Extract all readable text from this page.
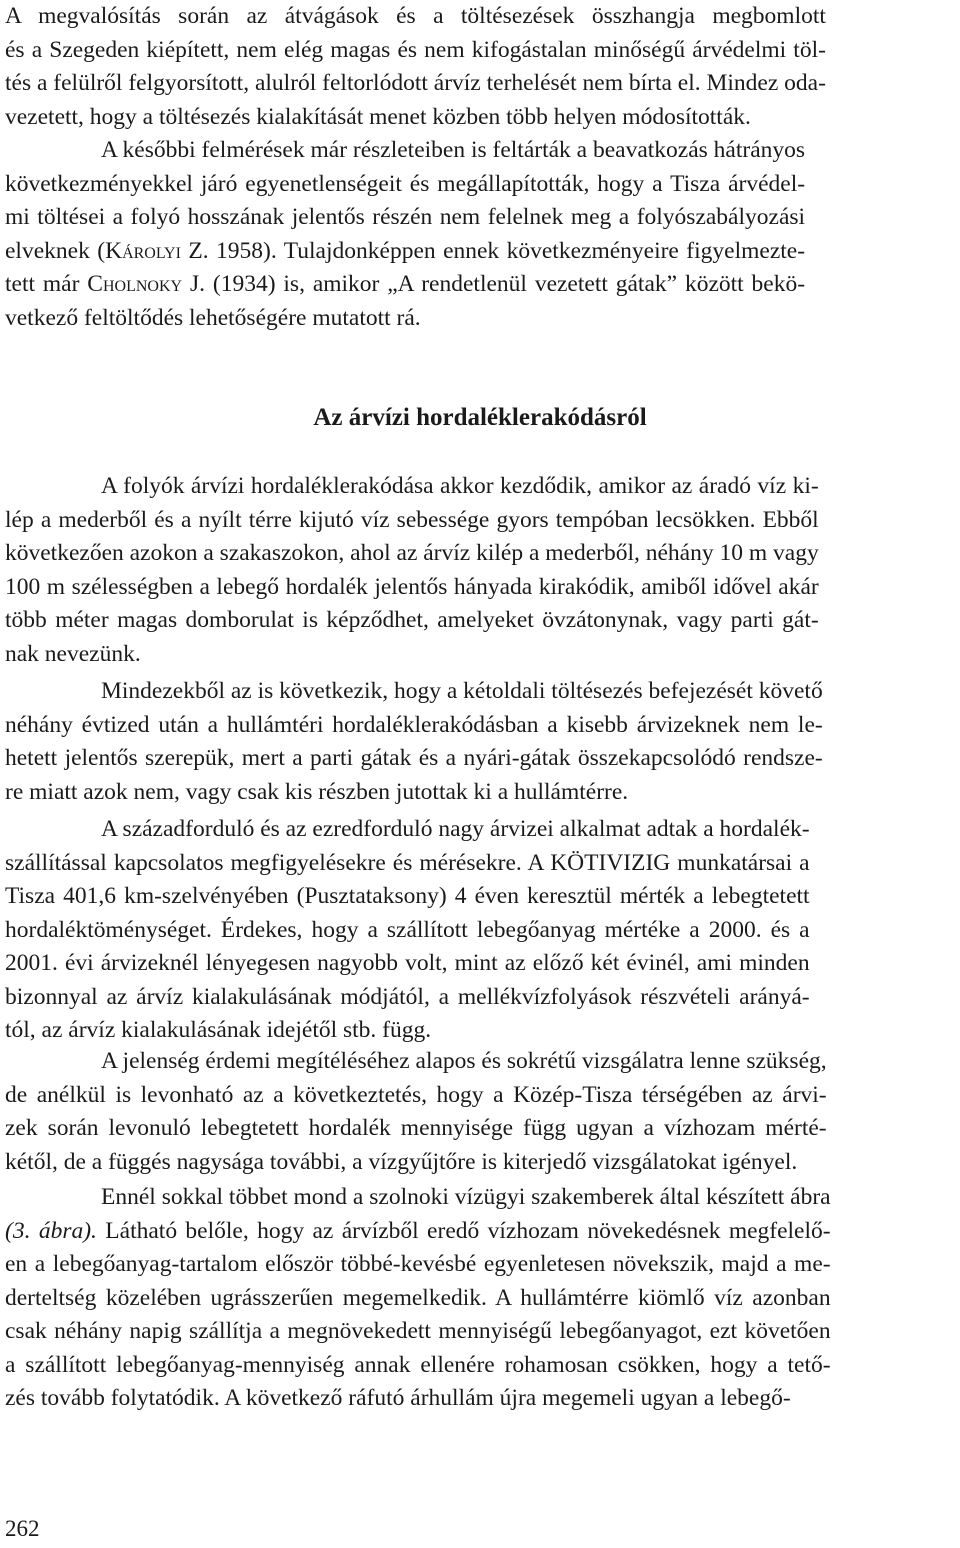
A megvalósítás során az átvágások és a töltésezések összhangja megbomlott
és a Szegeden kiépített, nem elég magas és nem kifogástalan minőségű árvédelmi töl-
tés a felülről felgyorsított, alulról feltorlódott árvíz terhelését nem bírta el. Mindez oda-
vezetett, hogy a töltésezés kialakítását menet közben több helyen módosították.
A későbbi felmérések már részleteiben is feltárták a beavatkozás hátrányos
következményekkel járó egyenetlenségeit és megállapították, hogy a Tisza árvédel-
mi töltései a folyó hosszának jelentős részén nem felelnek meg a folyószabályozási
elveknek (Károlyi Z. 1958). Tulajdonképpen ennek következményeire figyelmezte-
tett már Cholnoky J. (1934) is, amikor „A rendetlenül vezetett gátak” között bekö-
vetkező feltöltődés lehetőségére mutatott rá.
Az árvízi hordaléklerakódásról
A folyók árvízi hordaléklerakódása akkor kezdődik, amikor az áradó víz ki-
lép a mederből és a nyílt térre kijutó víz sebessége gyors tempóban lecsökken. Ebből
következően azokon a szakaszokon, ahol az árvíz kilép a mederből, néhány 10 m vagy
100 m szélességben a lebegő hordalék jelentős hányada kirakódik, amiből idővel akár
több méter magas domborulat is képződhet, amelyeket övzátonynak, vagy parti gát-
nak nevezünk.
Mindezekből az is következik, hogy a kétoldali töltésezés befejezését követő
néhány évtized után a hullámtéri hordaléklerakódásban a kisebb árvizeknek nem le-
hetett jelentős szerepük, mert a parti gátak és a nyári-gátak összekapcsolódó rendsze-
re miatt azok nem, vagy csak kis részben jutottak ki a hullámtérre.
A századforduló és az ezredforduló nagy árvizei alkalmat adtak a hordalék-
szállítással kapcsolatos megfigyelésekre és mérésekre. A KÖTIVIZIG munkatársai a
Tisza 401,6 km-szelvényében (Pusztataksony) 4 éven keresztül mérték a lebegtetett
hordaléktöménységet. Érdekes, hogy a szállított lebegőanyag mértéke a 2000. és a
2001. évi árvizeknél lényegesen nagyobb volt, mint az előző két évinél, ami minden
bizonnyal az árvíz kialakulásának módjától, a mellékvízfolyások részvételi arányá-
tól, az árvíz kialakulásának idejétől stb. függ.
A jelenség érdemi megítéléséhez alapos és sokrétű vizsgálatra lenne szükség,
de anélkül is levonható az a következtetés, hogy a Közép-Tisza térségében az árvi-
zek során levonuló lebegtetett hordalék mennyisége függ ugyan a vízhozam mérté-
kétől, de a függés nagysága további, a vízgyűjtőre is kiterjedő vizsgálatokat igényel.
Ennél sokkal többet mond a szolnoki vízügyi szakemberek által készített ábra
(3. ábra). Látható belőle, hogy az árvízből eredő vízhozam növekedésnek megfelelő-
en a lebegőanyag-tartalom először többé-kevésbé egyenletesen növekszik, majd a me-
derteltség közelében ugrásszerűen megemelkedik. A hullámtérre kiömlő víz azonban
csak néhány napig szállítja a megnövekedett mennyiségű lebegőanyagot, ezt követően
a szállított lebegőanyag-mennyiség annak ellenére rohamosan csökken, hogy a tető-
zés tovább folytatódik. A következő ráfutó árhullám újra megemeli ugyan a lebegő-

262
